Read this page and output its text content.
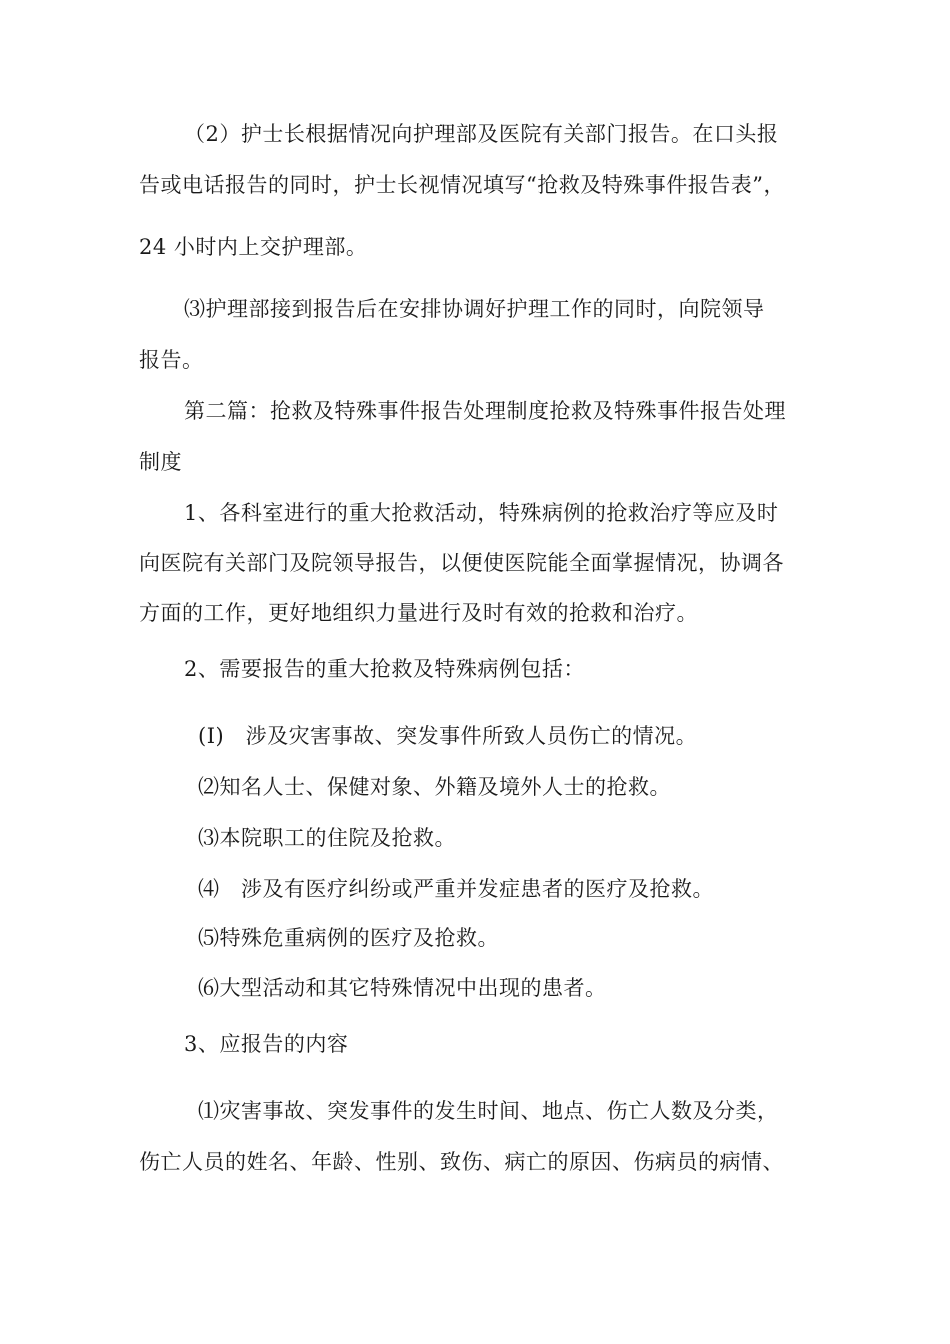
（2）护士长根据情况向护理部及医院有关部门报告。在口头报
告或电话报告的同时，护士长视情况填写“抢救及特殊事件报告表”，
24 小时内上交护理部。
⑶护理部接到报告后在安排协调好护理工作的同时，向院领导
报告。
第二篇：抢救及特殊事件报告处理制度抢救及特殊事件报告处理
制度
1、各科室进行的重大抢救活动，特殊病例的抢救治疗等应及时
向医院有关部门及院领导报告，以便使医院能全面掌握情况，协调各
方面的工作，更好地组织力量进行及时有效的抢救和治疗。
2、需要报告的重大抢救及特殊病例包括：
(I)　涉及灾害事故、突发事件所致人员伤亡的情况。
⑵知名人士、保健对象、外籍及境外人士的抢救。
⑶本院职工的住院及抢救。
⑷　涉及有医疗纠纷或严重并发症患者的医疗及抢救。
⑸特殊危重病例的医疗及抢救。
⑹大型活动和其它特殊情况中出现的患者。
3、应报告的内容
⑴灾害事故、突发事件的发生时间、地点、伤亡人数及分类，
伤亡人员的姓名、年龄、性别、致伤、病亡的原因、伤病员的病情、
